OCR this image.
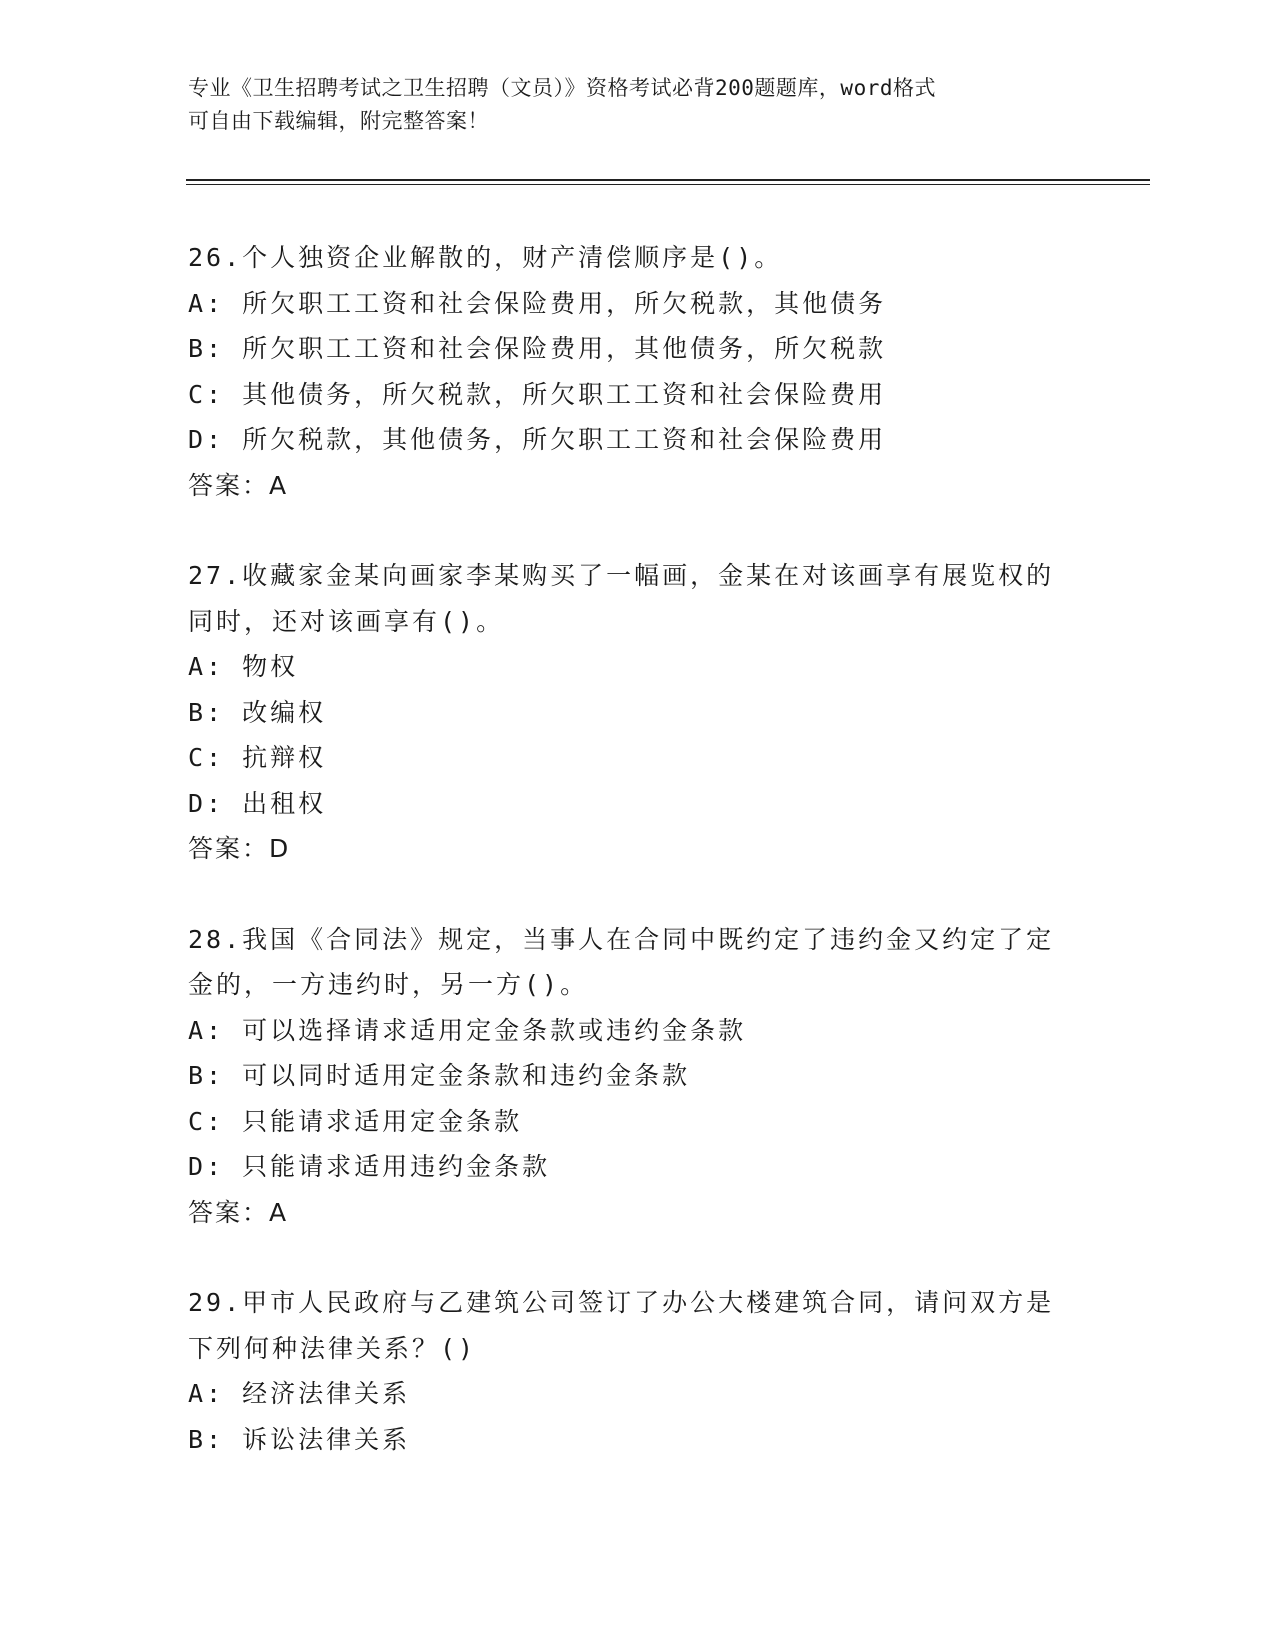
专业《卫生招聘考试之卫生招聘（文员）》资格考试必背200题题库，word格式
可自由下载编辑，附完整答案！
26.个人独资企业解散的，财产清偿顺序是()。
A: 所欠职工工资和社会保险费用，所欠税款，其他债务
B: 所欠职工工资和社会保险费用，其他债务，所欠税款
C: 其他债务，所欠税款，所欠职工工资和社会保险费用
D: 所欠税款，其他债务，所欠职工工资和社会保险费用
答案：A
27.收藏家金某向画家李某购买了一幅画，金某在对该画享有展览权的
同时，还对该画享有()。
A: 物权
B: 改编权
C: 抗辩权
D: 出租权
答案：D
28.我国《合同法》规定，当事人在合同中既约定了违约金又约定了定
金的，一方违约时，另一方()。
A: 可以选择请求适用定金条款或违约金条款
B: 可以同时适用定金条款和违约金条款
C: 只能请求适用定金条款
D: 只能请求适用违约金条款
答案：A
29.甲市人民政府与乙建筑公司签订了办公大楼建筑合同，请问双方是
下列何种法律关系？()
A: 经济法律关系
B: 诉讼法律关系
